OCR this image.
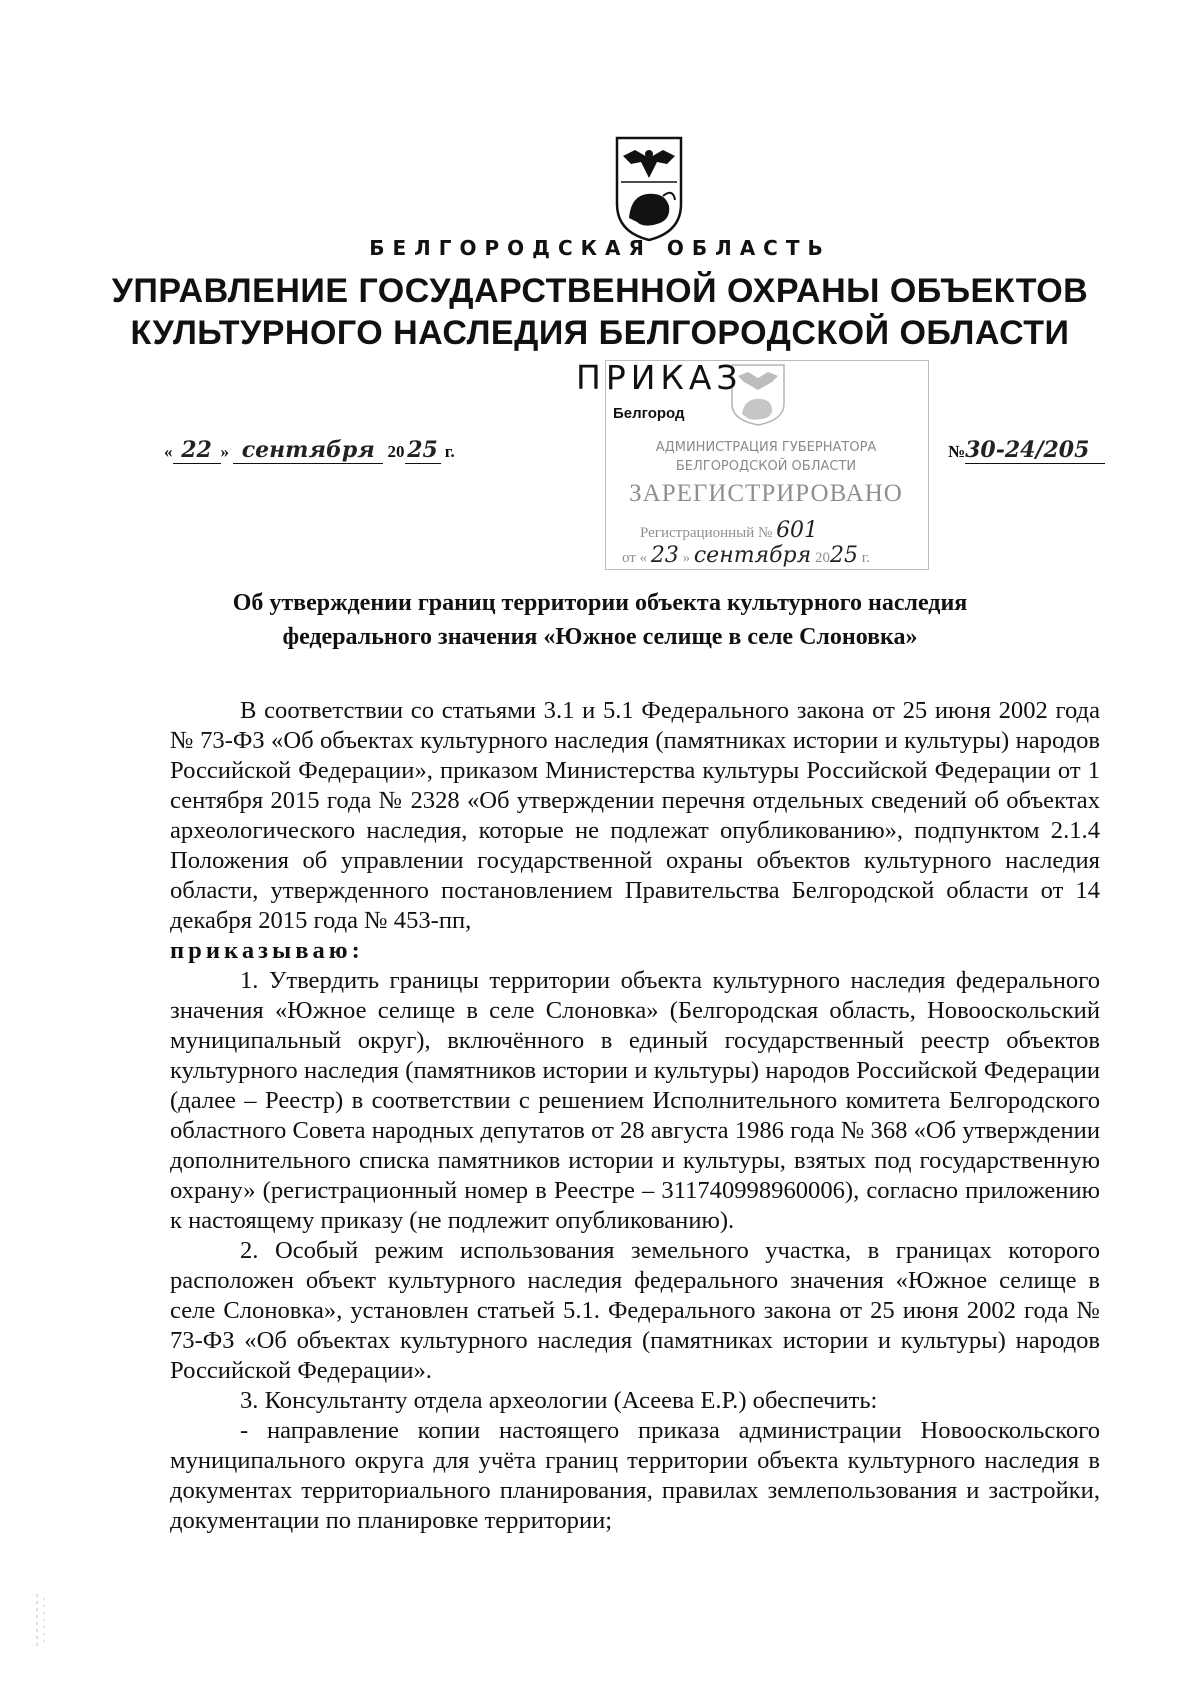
БЕЛГОРОДСКАЯ ОБЛАСТЬ
УПРАВЛЕНИЕ ГОСУДАРСТВЕННОЙ ОХРАНЫ ОБЪЕКТОВ
КУЛЬТУРНОГО НАСЛЕДИЯ БЕЛГОРОДСКОЙ ОБЛАСТИ
ПРИКАЗ
Белгород
АДМИНИСТРАЦИЯ ГУБЕРНАТОРА
БЕЛГОРОДСКОЙ ОБЛАСТИ
ЗАРЕГИСТРИРОВАНО
Регистрационный № 601
от « 23 » сентября 2025 г.
« 22 » сентября 20 25 г.	№30-24/205
Об утверждении границ территории объекта культурного наследия
федерального значения «Южное селище в селе Слоновка»

В соответствии со статьями 3.1 и 5.1 Федерального закона от 25 июня 2002 года № 73-ФЗ «Об объектах культурного наследия (памятниках истории и культуры) народов Российской Федерации», приказом Министерства культуры Российской Федерации от 1 сентября 2015 года № 2328 «Об утверждении перечня отдельных сведений об объектах археологического наследия, которые не подлежат опубликованию», подпунктом 2.1.4 Положения об управлении государственной охраны объектов культурного наследия области, утвержденного постановлением Правительства Белгородской области от 14 декабря 2015 года № 453-пп,

приказываю:

1. Утвердить границы территории объекта культурного наследия федерального значения «Южное селище в селе Слоновка» (Белгородская область, Новооскольский муниципальный округ), включённого в единый государственный реестр объектов культурного наследия (памятников истории и культуры) народов Российской Федерации (далее – Реестр) в соответствии с решением Исполнительного комитета Белгородского областного Совета народных депутатов от 28 августа 1986 года № 368 «Об утверждении дополнительного списка памятников истории и культуры, взятых под государственную охрану» (регистрационный номер в Реестре – 311740998960006), согласно приложению к настоящему приказу (не подлежит опубликованию).

2. Особый режим использования земельного участка, в границах которого расположен объект культурного наследия федерального значения «Южное селище в селе Слоновка», установлен статьей 5.1. Федерального закона от 25 июня 2002 года № 73-ФЗ «Об объектах культурного наследия (памятниках истории и культуры) народов Российской Федерации».

3. Консультанту отдела археологии (Асеева Е.Р.) обеспечить:

- направление копии настоящего приказа администрации Новооскольского муниципального округа для учёта границ территории объекта культурного наследия в документах территориального планирования, правилах землепользования и застройки, документации по планировке территории;
